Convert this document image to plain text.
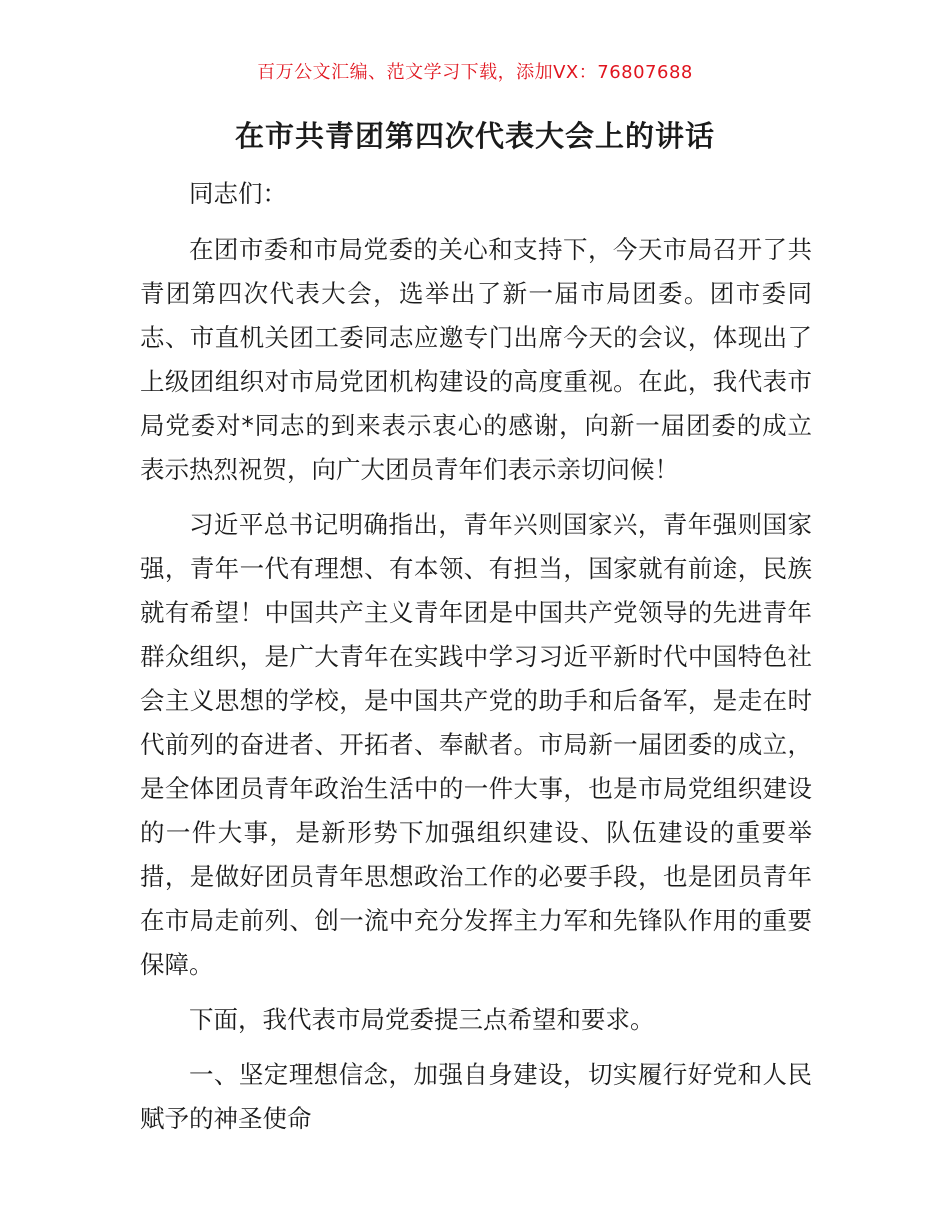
百万公文汇编、范文学习下载，添加VX：76807688
在市共青团第四次代表大会上的讲话

同志们：

在团市委和市局党委的关心和支持下，今天市局召开了共青团第四次代表大会，选举出了新一届市局团委。团市委同志、市直机关团工委同志应邀专门出席今天的会议，体现出了上级团组织对市局党团机构建设的高度重视。在此，我代表市局党委对*同志的到来表示衷心的感谢，向新一届团委的成立表示热烈祝贺，向广大团员青年们表示亲切问候！

习近平总书记明确指出，青年兴则国家兴，青年强则国家强，青年一代有理想、有本领、有担当，国家就有前途，民族就有希望！中国共产主义青年团是中国共产党领导的先进青年群众组织，是广大青年在实践中学习习近平新时代中国特色社会主义思想的学校，是中国共产党的助手和后备军，是走在时代前列的奋进者、开拓者、奉献者。市局新一届团委的成立，是全体团员青年政治生活中的一件大事，也是市局党组织建设的一件大事，是新形势下加强组织建设、队伍建设的重要举措，是做好团员青年思想政治工作的必要手段，也是团员青年在市局走前列、创一流中充分发挥主力军和先锋队作用的重要保障。

下面，我代表市局党委提三点希望和要求。

一、坚定理想信念，加强自身建设，切实履行好党和人民赋予的神圣使命
